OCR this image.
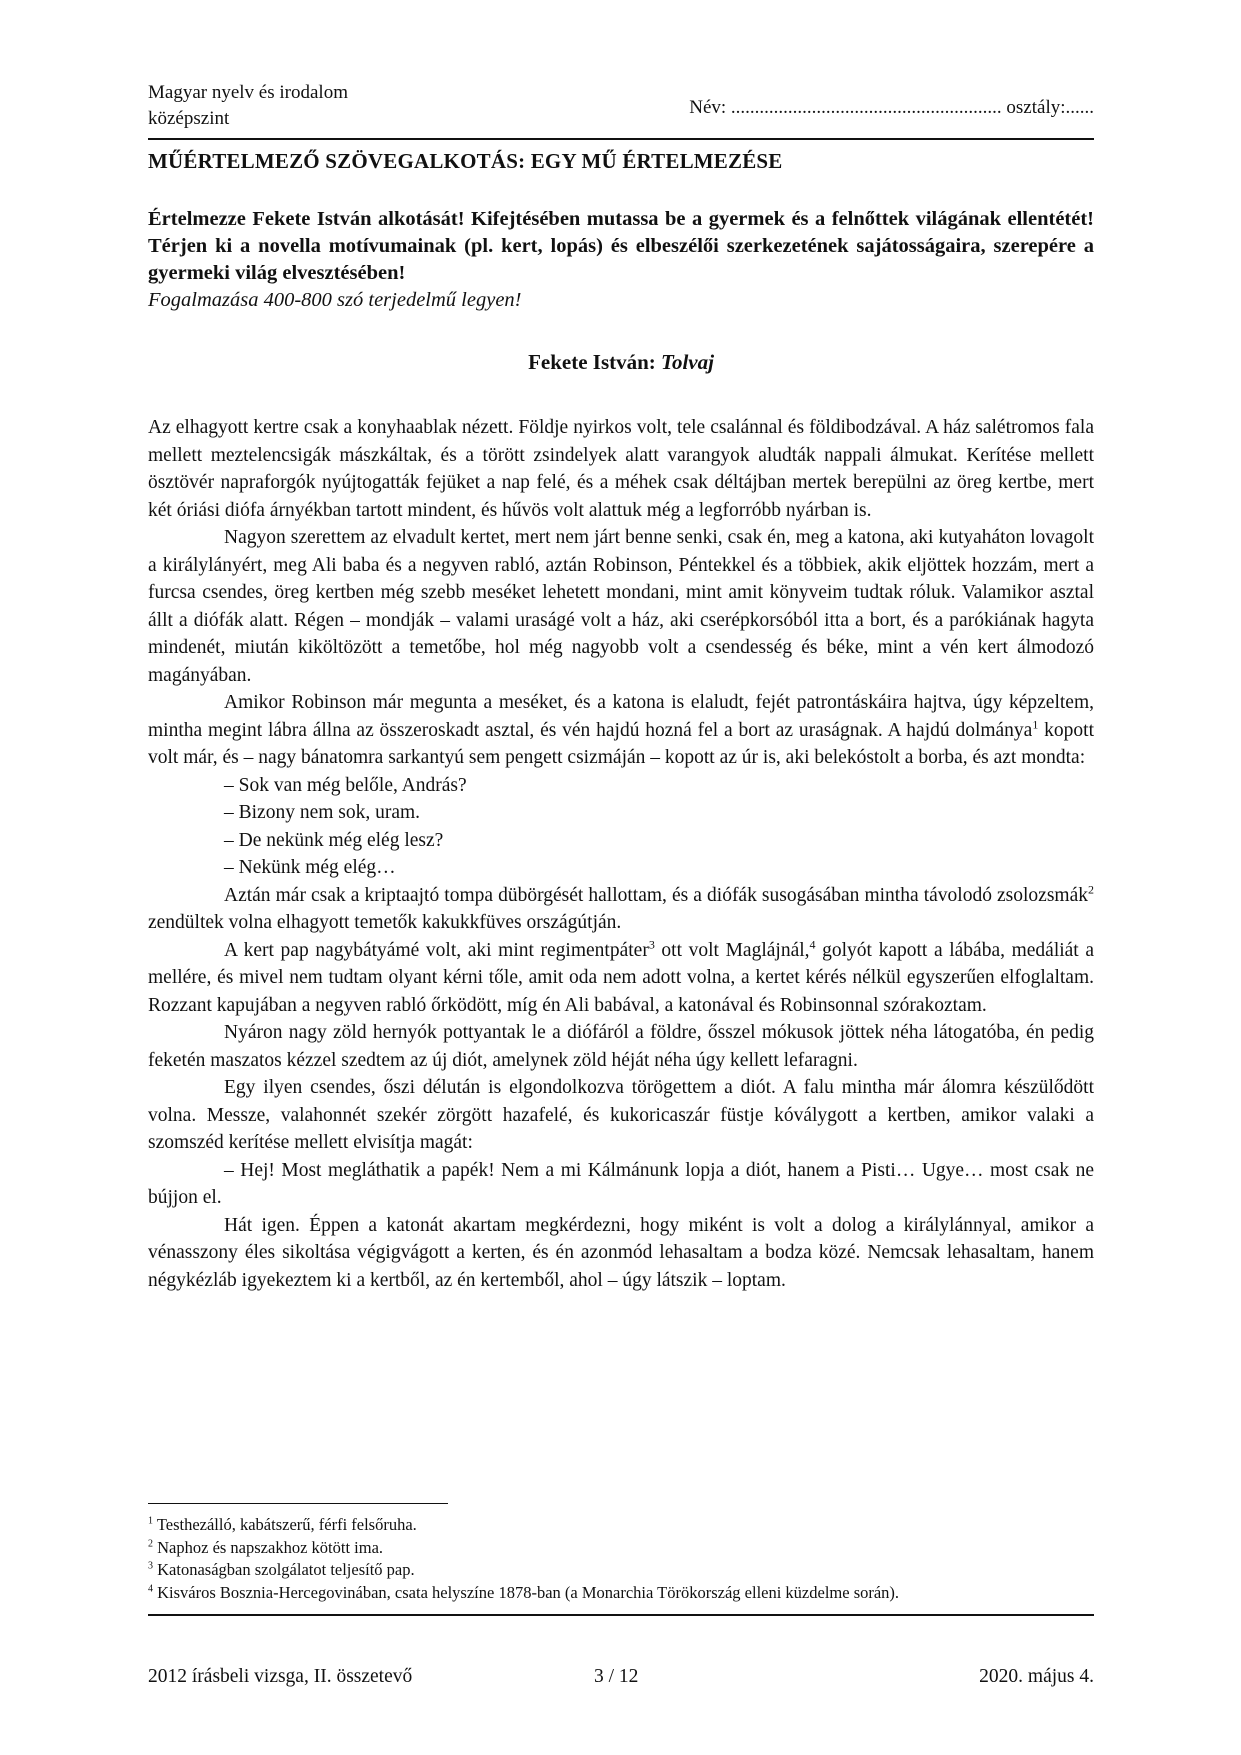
Magyar nyelv és irodalom
középszint
Név: ......................................................... osztály:......
MŰÉRTELMEZŐ SZÖVEGALKOTÁS: EGY MŰ ÉRTELMEZÉSE
Értelmezze Fekete István alkotását! Kifejtésében mutassa be a gyermek és a felnőttek világának ellentétét! Térjen ki a novella motívumainak (pl. kert, lopás) és elbeszélői szerkezetének sajátosságaira, szerepére a gyermeki világ elvesztésében!
Fogalmazása 400-800 szó terjedelmű legyen!
Fekete István: Tolvaj

Az elhagyott kertre csak a konyhaablak nézett. Földje nyirkos volt, tele csalánnal és földibodzával. A ház salétromos fala mellett meztelencsigák mászkáltak, és a törött zsindelyek alatt varangyok aludták nappali álmukat. Kerítése mellett ösztövér napraforgók nyújtogatták fejüket a nap felé, és a méhek csak déltájban mertek berepülni az öreg kertbe, mert két óriási diófa árnyékban tartott mindent, és hűvös volt alattuk még a legforróbb nyárban is.

Nagyon szerettem az elvadult kertet, mert nem járt benne senki, csak én, meg a katona, aki kutyaháton lovagolt a királylányért, meg Ali baba és a negyven rabló, aztán Robinson, Péntekkel és a többiek, akik eljöttek hozzám, mert a furcsa csendes, öreg kertben még szebb meséket lehetett mondani, mint amit könyveim tudtak róluk. Valamikor asztal állt a diófák alatt. Régen – mondják – valami uraságé volt a ház, aki cserépkorsóból itta a bort, és a parókiának hagyta mindenét, miután kiköltözött a temetőbe, hol még nagyobb volt a csendesség és béke, mint a vén kert álmodozó magányában.

Amikor Robinson már megunta a meséket, és a katona is elaludt, fejét patrontáskáira hajtva, úgy képzeltem, mintha megint lábra állna az összeroskadt asztal, és vén hajdú hozná fel a bort az uraságnak. A hajdú dolmánya$^1$ kopott volt már, és – nagy bánatomra sarkantyú sem pengett csizmáján – kopott az úr is, aki belekóstolt a borba, és azt mondta:

– Sok van még belőle, András?

– Bizony nem sok, uram.

– De nekünk még elég lesz?

– Nekünk még elég…

Aztán már csak a kriptaajtó tompa dübörgését hallottam, és a diófák susogásában mintha távolodó zsolozsmák$^2$ zendültek volna elhagyott temetők kakukkfüves országútján.

A kert pap nagybátyámé volt, aki mint regimentpáter$^3$ ott volt Maglájnál,$^4$ golyót kapott a lábába, medáliát a mellére, és mivel nem tudtam olyant kérni tőle, amit oda nem adott volna, a kertet kérés nélkül egyszerűen elfoglaltam. Rozzant kapujában a negyven rabló őrködött, míg én Ali babával, a katonával és Robinsonnal szórakoztam.

Nyáron nagy zöld hernyók pottyantak le a diófáról a földre, ősszel mókusok jöttek néha látogatóba, én pedig feketén maszatos kézzel szedtem az új diót, amelynek zöld héját néha úgy kellett lefaragni.

Egy ilyen csendes, őszi délután is elgondolkozva törögettem a diót. A falu mintha már álomra készülődött volna. Messze, valahonnét szekér zörgött hazafelé, és kukoricaszár füstje kóválygott a kertben, amikor valaki a szomszéd kerítése mellett elvisítja magát:

– Hej! Most megláthatik a papék! Nem a mi Kálmánunk lopja a diót, hanem a Pisti… Ugye… most csak ne bújjon el.

Hát igen. Éppen a katonát akartam megkérdezni, hogy miként is volt a dolog a királylánnyal, amikor a vénasszony éles sikoltása végigvágott a kerten, és én azonmód lehasaltam a bodza közé. Nemcsak lehasaltam, hanem négykézláb igyekeztem ki a kertből, az én kertemből, ahol – úgy látszik – loptam.

$^1$ Testhezálló, kabátszerű, férfi felsőruha.
$^2$ Naphoz és napszakhoz kötött ima.
$^3$ Katonaságban szolgálatot teljesítő pap.
$^4$ Kisváros Bosznia-Hercegovinában, csata helyszíne 1878-ban (a Monarchia Törökország elleni küzdelme során).
2012 írásbeli vizsga, II. összetevő	3 / 12	2020. május 4.
